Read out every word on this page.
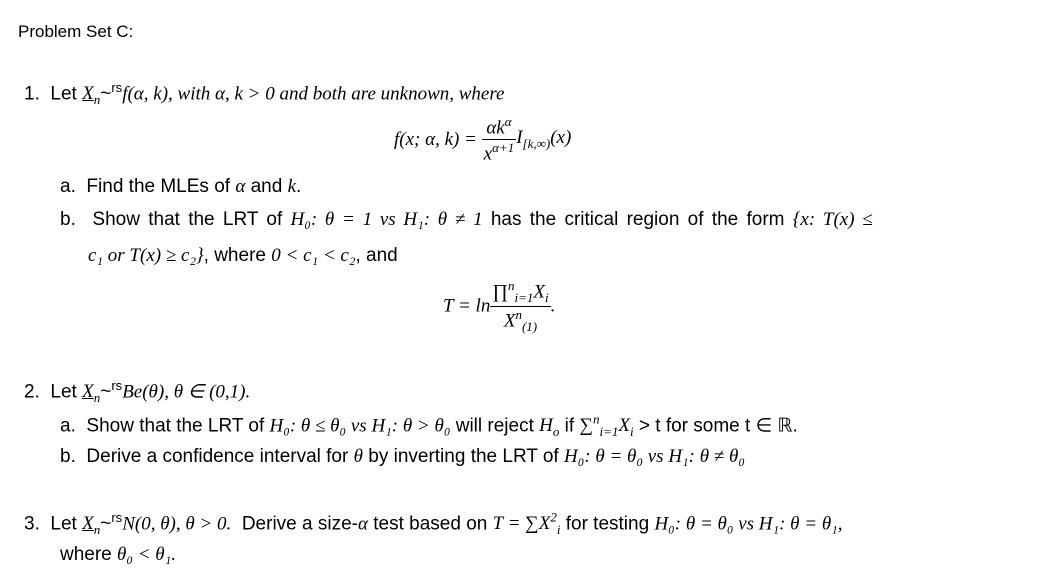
Problem Set C:
1. Let $X_n\sim^{rs}f(\alpha$, k), with α, k > 0 and both are unknown, where
f(x; α, $k) = \frac{\alpha k^\alpha}{x^{\alpha+1}} I_{[k,\infty)}(x)$
a. Find the MLEs of α and k.
b. Show that the LRT of H₀: θ = 1 vs H₁: θ ≠ 1 has the critical region of the form {x: T(x) ≤
c₁ or T(x) ≥ c₂}, where 0 < c₁ < c₂, and
$T = \ln \frac{\prod^n_{i=1}X_i}{X^n_{(1)}}$ .
2. Let $X_n\sim^{rs}Be(\theta)$, θ ∈ (0,1).
a. Show that the LRT of H₀: θ ≤ θ₀ vs H₁: θ > θ₀ will reject $H_o$ if $\sum^n_{i=1}X_i > t$ for some t ∈ ℝ.
b. Derive a confidence interval for θ by inverting the LRT of H₀: θ = θ₀ vs H₁: θ ≠ θ₀
3. Let $X_n\sim^{rs}N(0$, θ), θ > 0. Derive a size-α test based on $T = \sum X^2_i$ for testing H₀: θ = θ₀ vs H₁: θ = θ₁,
where θ₀ < θ₁.
